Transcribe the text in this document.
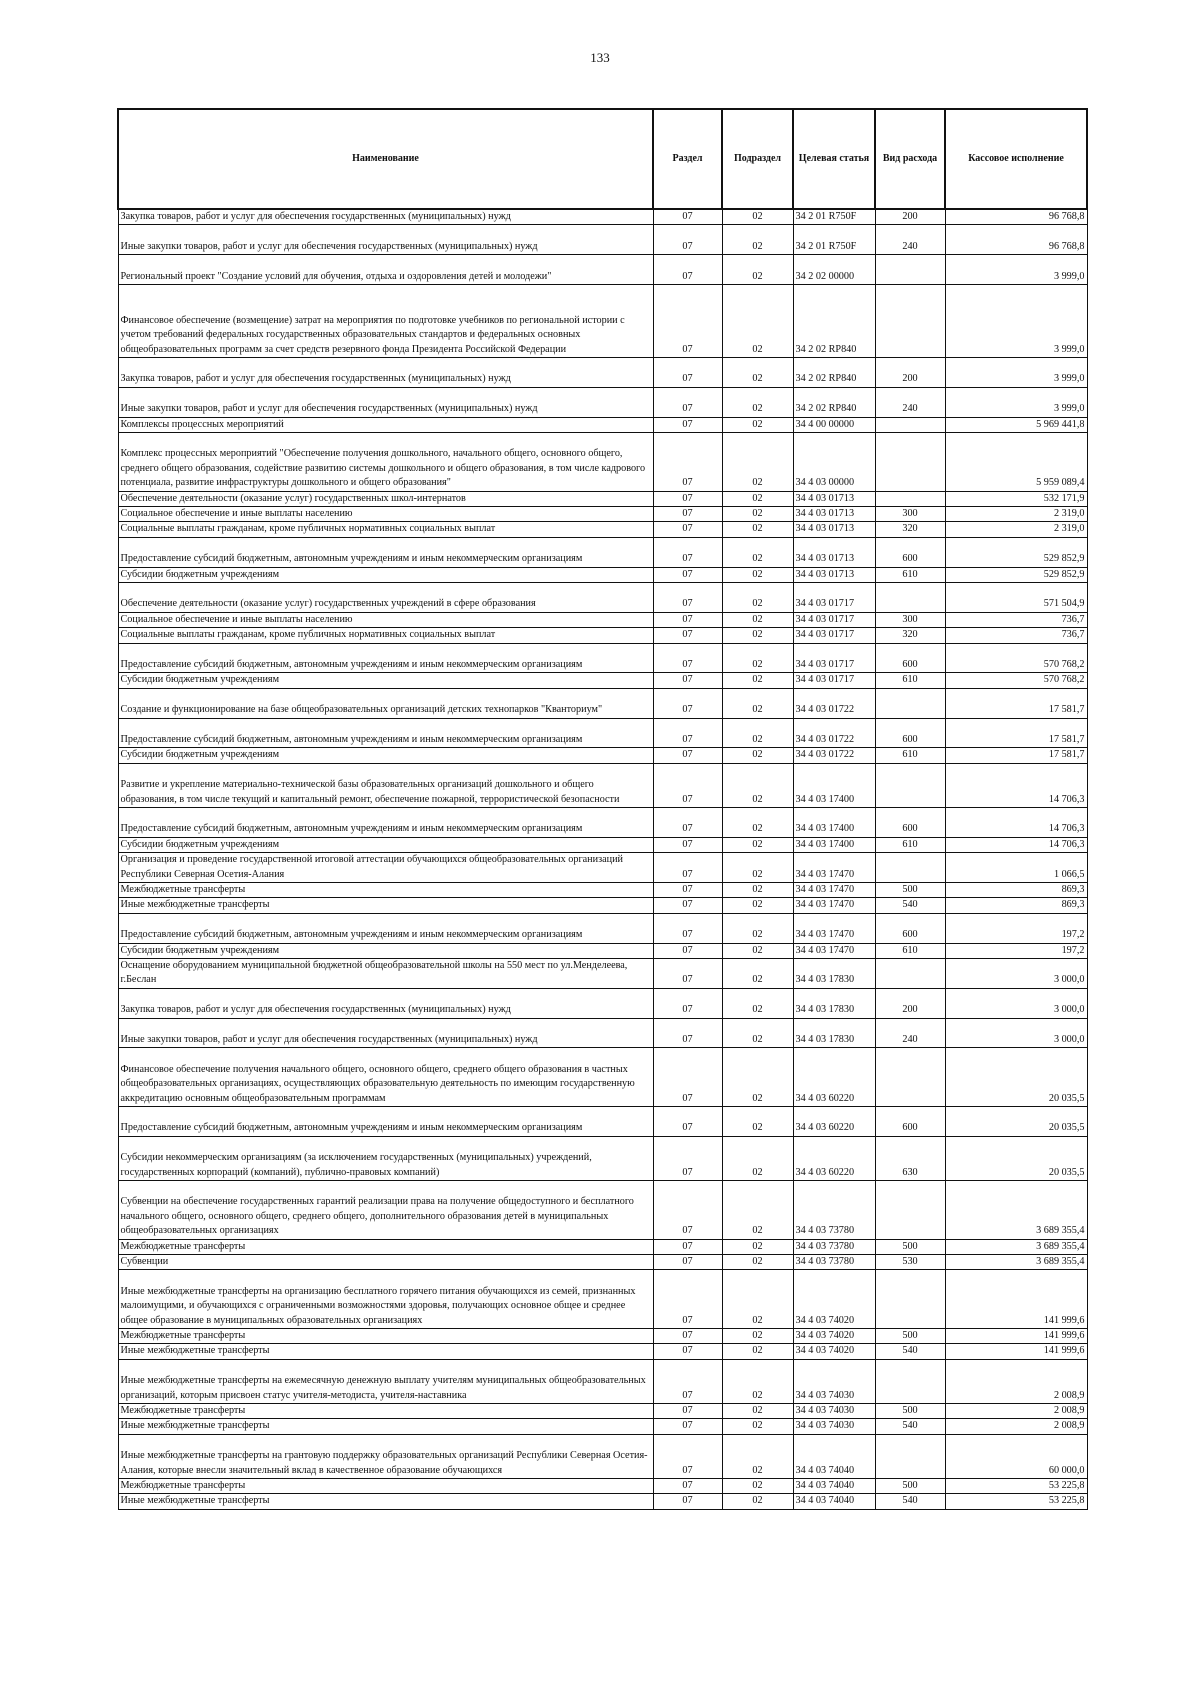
133
Наименование	Раздел	Подраздел	Целевая статья	Вид расхода	Кассовое исполнение
Закупка товаров, работ и услуг для обеспечения государственных (муниципальных) нужд	07	02	34 2 01 R750F	200	96 768,8
Иные закупки товаров, работ и услуг для обеспечения государственных (муниципальных) нужд	07	02	34 2 01 R750F	240	96 768,8
Региональный проект "Создание условий для обучения, отдыха и оздоровления детей и молодежи"	07	02	34 2 02 00000		3 999,0
Финансовое обеспечение (возмещение) затрат на мероприятия по подготовке учебников по региональной истории с учетом требований федеральных государственных образовательных стандартов и федеральных основных общеобразовательных программ за счет средств резервного фонда Президента Российской Федерации	07	02	34 2 02 RP840		3 999,0
Закупка товаров, работ и услуг для обеспечения государственных (муниципальных) нужд	07	02	34 2 02 RP840	200	3 999,0
Иные закупки товаров, работ и услуг для обеспечения государственных (муниципальных) нужд	07	02	34 2 02 RP840	240	3 999,0
Комплексы процессных мероприятий	07	02	34 4 00 00000		5 969 441,8
Комплекс процессных мероприятий "Обеспечение получения дошкольного, начального общего, основного общего, среднего общего образования, содействие развитию системы дошкольного и общего образования, в том числе кадрового потенциала, развитие инфраструктуры дошкольного и общего образования"	07	02	34 4 03 00000		5 959 089,4
Обеспечение деятельности (оказание услуг) государственных школ-интернатов	07	02	34 4 03 01713		532 171,9
Социальное обеспечение и иные выплаты населению	07	02	34 4 03 01713	300	2 319,0
Социальные выплаты гражданам, кроме публичных нормативных социальных выплат	07	02	34 4 03 01713	320	2 319,0
Предоставление субсидий бюджетным, автономным учреждениям и иным некоммерческим организациям	07	02	34 4 03 01713	600	529 852,9
Субсидии бюджетным учреждениям	07	02	34 4 03 01713	610	529 852,9
Обеспечение деятельности (оказание услуг) государственных учреждений в сфере образования	07	02	34 4 03 01717		571 504,9
Социальное обеспечение и иные выплаты населению	07	02	34 4 03 01717	300	736,7
Социальные выплаты гражданам, кроме публичных нормативных социальных выплат	07	02	34 4 03 01717	320	736,7
Предоставление субсидий бюджетным, автономным учреждениям и иным некоммерческим организациям	07	02	34 4 03 01717	600	570 768,2
Субсидии бюджетным учреждениям	07	02	34 4 03 01717	610	570 768,2
Создание и функционирование на базе общеобразовательных организаций детских технопарков "Кванториум"	07	02	34 4 03 01722		17 581,7
Предоставление субсидий бюджетным, автономным учреждениям и иным некоммерческим организациям	07	02	34 4 03 01722	600	17 581,7
Субсидии бюджетным учреждениям	07	02	34 4 03 01722	610	17 581,7
Развитие и укрепление материально-технической базы образовательных организаций дошкольного и общего образования, в том числе текущий и капитальный ремонт, обеспечение пожарной, террористической безопасности	07	02	34 4 03 17400		14 706,3
Предоставление субсидий бюджетным, автономным учреждениям и иным некоммерческим организациям	07	02	34 4 03 17400	600	14 706,3
Субсидии бюджетным учреждениям	07	02	34 4 03 17400	610	14 706,3
Организация и проведение государственной итоговой аттестации обучающихся общеобразовательных организаций Республики Северная Осетия-Алания	07	02	34 4 03 17470		1 066,5
Межбюджетные трансферты	07	02	34 4 03 17470	500	869,3
Иные межбюджетные трансферты	07	02	34 4 03 17470	540	869,3
Предоставление субсидий бюджетным, автономным учреждениям и иным некоммерческим организациям	07	02	34 4 03 17470	600	197,2
Субсидии бюджетным учреждениям	07	02	34 4 03 17470	610	197,2
Оснащение оборудованием муниципальной бюджетной общеобразовательной школы на 550 мест по ул.Менделеева, г.Беслан	07	02	34 4 03 17830		3 000,0
Закупка товаров, работ и услуг для обеспечения государственных (муниципальных) нужд	07	02	34 4 03 17830	200	3 000,0
Иные закупки товаров, работ и услуг для обеспечения государственных (муниципальных) нужд	07	02	34 4 03 17830	240	3 000,0
Финансовое обеспечение получения начального общего, основного общего, среднего общего образования в частных общеобразовательных организациях, осуществляющих образовательную деятельность по имеющим государственную аккредитацию основным общеобразовательным программам	07	02	34 4 03 60220		20 035,5
Предоставление субсидий бюджетным, автономным учреждениям и иным некоммерческим организациям	07	02	34 4 03 60220	600	20 035,5
Субсидии некоммерческим организациям (за исключением государственных (муниципальных) учреждений, государственных корпораций (компаний), публично-правовых компаний)	07	02	34 4 03 60220	630	20 035,5
Субвенции на обеспечение государственных гарантий реализации права на получение общедоступного и бесплатного начального общего, основного общего, среднего общего, дополнительного образования детей в муниципальных общеобразовательных организациях	07	02	34 4 03 73780		3 689 355,4
Межбюджетные трансферты	07	02	34 4 03 73780	500	3 689 355,4
Субвенции	07	02	34 4 03 73780	530	3 689 355,4
Иные межбюджетные трансферты на организацию бесплатного горячего питания обучающихся из семей, признанных малоимущими, и обучающихся с ограниченными возможностями здоровья, получающих основное общее и среднее общее образование в муниципальных образовательных организациях	07	02	34 4 03 74020		141 999,6
Межбюджетные трансферты	07	02	34 4 03 74020	500	141 999,6
Иные межбюджетные трансферты	07	02	34 4 03 74020	540	141 999,6
Иные межбюджетные трансферты на ежемесячную денежную выплату учителям муниципальных общеобразовательных организаций, которым присвоен статус учителя-методиста, учителя-наставника	07	02	34 4 03 74030		2 008,9
Межбюджетные трансферты	07	02	34 4 03 74030	500	2 008,9
Иные межбюджетные трансферты	07	02	34 4 03 74030	540	2 008,9
Иные межбюджетные трансферты на грантовую поддержку образовательных организаций Республики Северная Осетия-Алания, которые внесли значительный вклад в качественное образование обучающихся	07	02	34 4 03 74040		60 000,0
Межбюджетные трансферты	07	02	34 4 03 74040	500	53 225,8
Иные межбюджетные трансферты	07	02	34 4 03 74040	540	53 225,8
